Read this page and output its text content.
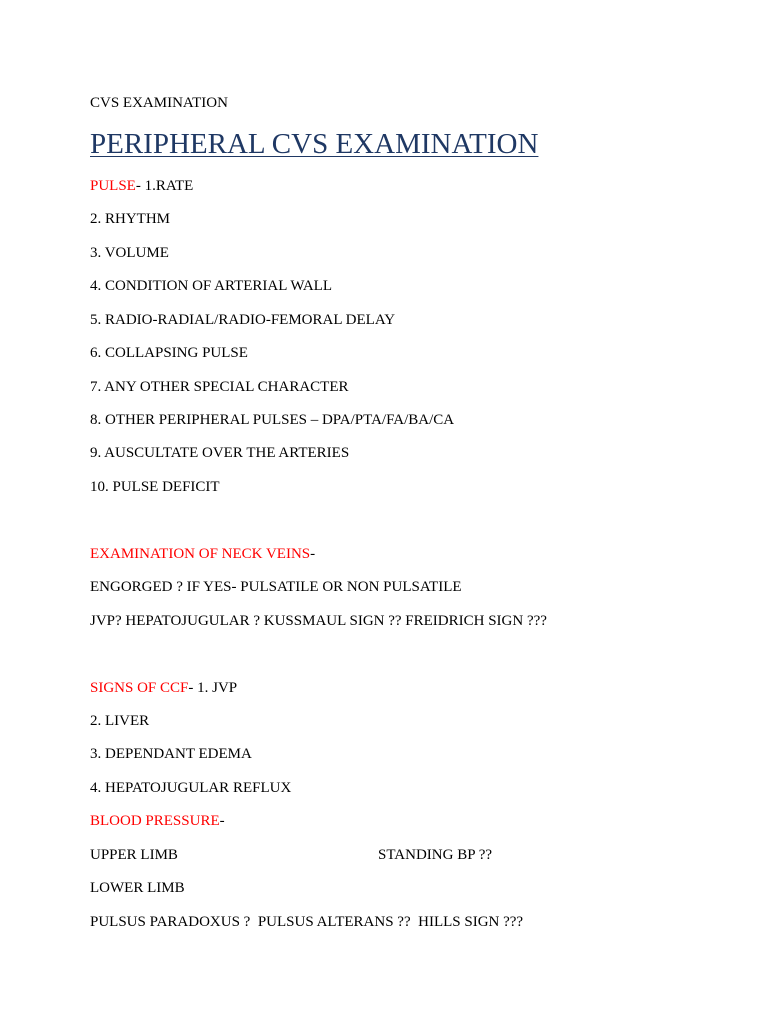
CVS EXAMINATION
PERIPHERAL CVS EXAMINATION
PULSE- 1.RATE
2. RHYTHM
3. VOLUME
4. CONDITION OF ARTERIAL WALL
5. RADIO-RADIAL/RADIO-FEMORAL DELAY
6. COLLAPSING PULSE
7. ANY OTHER SPECIAL CHARACTER
8. OTHER PERIPHERAL PULSES – DPA/PTA/FA/BA/CA
9. AUSCULTATE OVER THE ARTERIES
10. PULSE DEFICIT
EXAMINATION OF NECK VEINS-
ENGORGED ? IF YES- PULSATILE OR NON PULSATILE
JVP? HEPATOJUGULAR ? KUSSMAUL SIGN ?? FREIDRICH SIGN ???
SIGNS OF CCF- 1. JVP
2. LIVER
3. DEPENDANT EDEMA
4. HEPATOJUGULAR REFLUX
BLOOD PRESSURE-
UPPER LIMB	STANDING BP ??
LOWER LIMB
PULSUS PARADOXUS ?  PULSUS ALTERANS ??  HILLS SIGN ???
